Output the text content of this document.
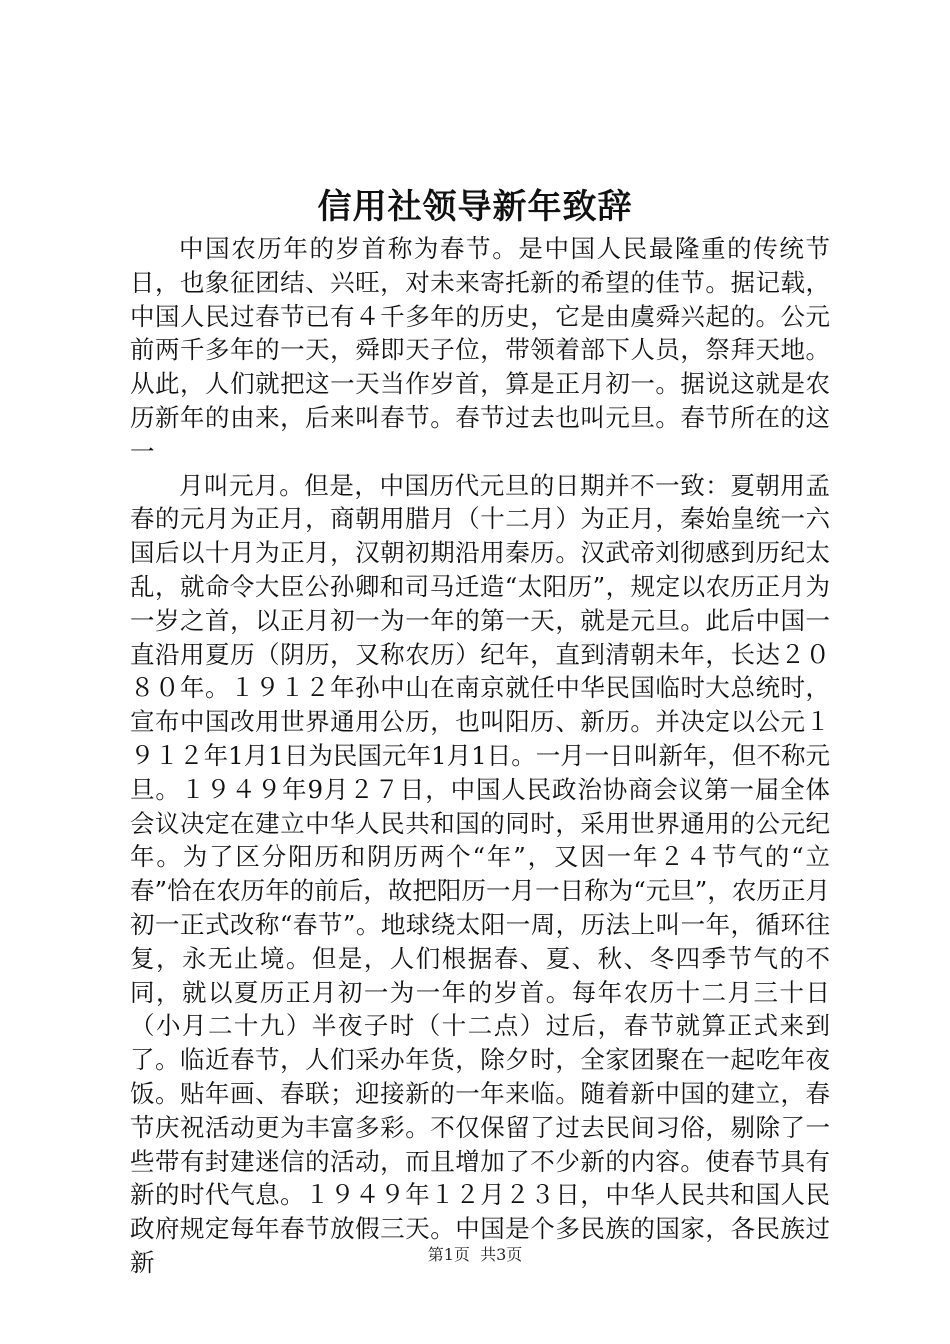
信用社领导新年致辞

中国农历年的岁首称为春节。是中国人民最隆重的传统节日，也象征团结、兴旺，对未来寄托新的希望的佳节。据记载，中国人民过春节已有４千多年的历史，它是由虞舜兴起的。公元前两千多年的一天，舜即天子位，带领着部下人员，祭拜天地。从此，人们就把这一天当作岁首，算是正月初一。据说这就是农历新年的由来，后来叫春节。春节过去也叫元旦。春节所在的这一

月叫元月。但是，中国历代元旦的日期并不一致：夏朝用孟春的元月为正月，商朝用腊月（十二月）为正月，秦始皇统一六国后以十月为正月，汉朝初期沿用秦历。汉武帝刘彻感到历纪太乱，就命令大臣公孙卿和司马迁造“太阳历”，规定以农历正月为一岁之首，以正月初一为一年的第一天，就是元旦。此后中国一直沿用夏历（阴历，又称农历）纪年，直到清朝未年，长达２０８０年。１９１２年孙中山在南京就任中华民国临时大总统时，宣布中国改用世界通用公历，也叫阳历、新历。并决定以公元１９１２年1月1日为民国元年1月1日。一月一日叫新年，但不称元旦。１９４９年9月２７日，中国人民政治协商会议第一届全体会议决定在建立中华人民共和国的同时，采用世界通用的公元纪年。为了区分阳历和阴历两个“年”，又因一年２４节气的“立春”恰在农历年的前后，故把阳历一月一日称为“元旦”，农历正月初一正式改称“春节”。地球绕太阳一周，历法上叫一年，循环往复，永无止境。但是，人们根据春、夏、秋、冬四季节气的不同，就以夏历正月初一为一年的岁首。每年农历十二月三十日（小月二十九）半夜子时（十二点）过后，春节就算正式来到了。临近春节，人们采办年货，除夕时，全家团聚在一起吃年夜饭。贴年画、春联；迎接新的一年来临。随着新中国的建立，春节庆祝活动更为丰富多彩。不仅保留了过去民间习俗，剔除了一些带有封建迷信的活动，而且增加了不少新的内容。使春节具有新的时代气息。１９４９年１２月２３日，中华人民共和国人民政府规定每年春节放假三天。中国是个多民族的国家，各民族过新	第1页 共3页
